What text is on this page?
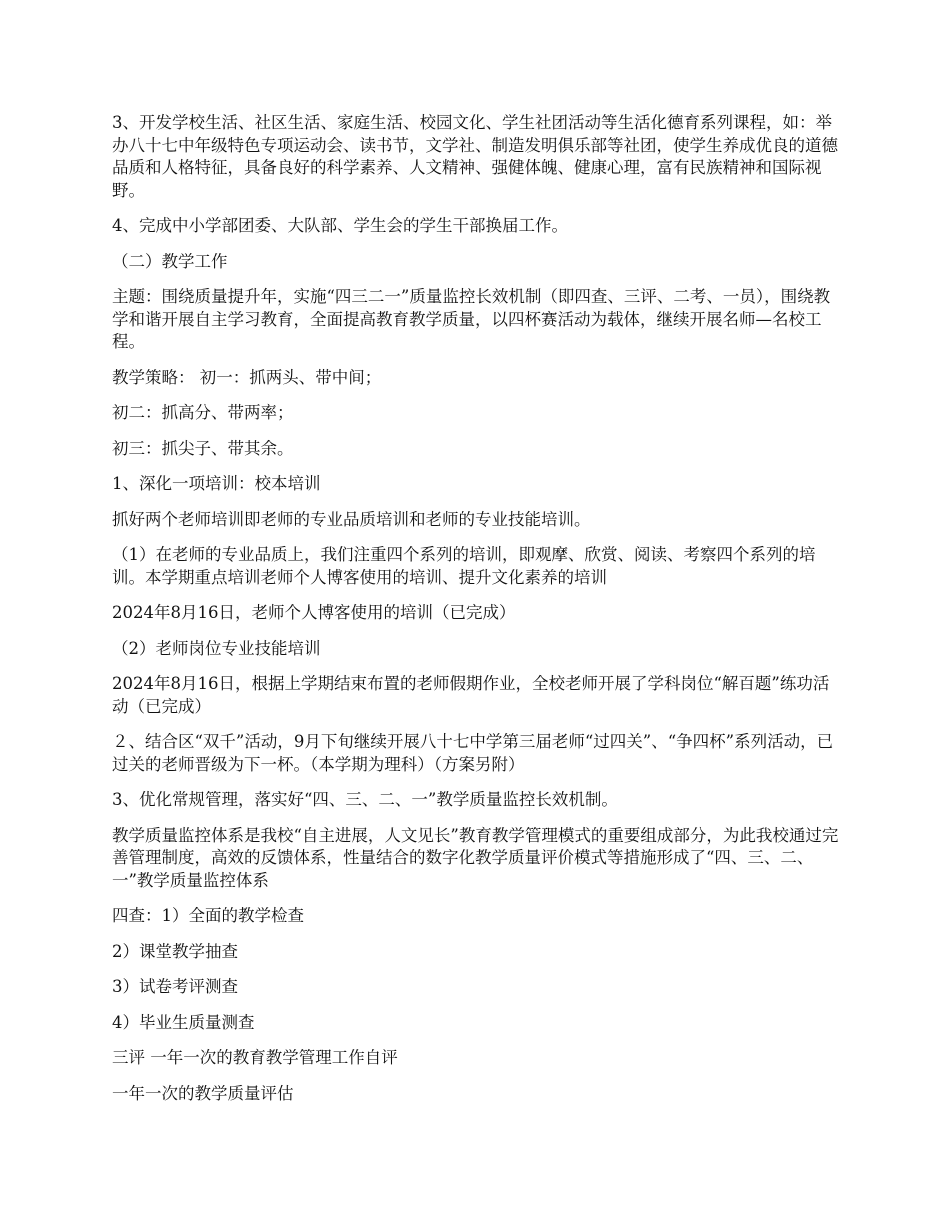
3、开发学校生活、社区生活、家庭生活、校园文化、学生社团活动等生活化德育系列课程，如：举办八十七中年级特色专项运动会、读书节，文学社、制造发明俱乐部等社团，使学生养成优良的道德品质和人格特征，具备良好的科学素养、人文精神、强健体魄、健康心理，富有民族精神和国际视野。

4、完成中小学部团委、大队部、学生会的学生干部换届工作。

（二）教学工作

主题：围绕质量提升年，实施“四三二一”质量监控长效机制（即四查、三评、二考、一员），围绕教学和谐开展自主学习教育，全面提高教育教学质量，以四杯赛活动为载体，继续开展名师—名校工程。

教学策略： 初一：抓两头、带中间；

初二：抓高分、带两率；

初三：抓尖子、带其余。

1、深化一项培训：校本培训

抓好两个老师培训即老师的专业品质培训和老师的专业技能培训。

（1）在老师的专业品质上，我们注重四个系列的培训，即观摩、欣赏、阅读、考察四个系列的培训。本学期重点培训老师个人博客使用的培训、提升文化素养的培训

2024年8月16日，老师个人博客使用的培训（已完成）

（2）老师岗位专业技能培训

2024年8月16日，根据上学期结束布置的老师假期作业，全校老师开展了学科岗位“解百题”练功活动（已完成）

２、结合区“双千”活动，9月下旬继续开展八十七中学第三届老师“过四关”、“争四杯”系列活动，已过关的老师晋级为下一杯。（本学期为理科）（方案另附）

3、优化常规管理，落实好“四、三、二、一”教学质量监控长效机制。

教学质量监控体系是我校“自主进展，人文见长”教育教学管理模式的重要组成部分，为此我校通过完善管理制度，高效的反馈体系，性量结合的数字化教学质量评价模式等措施形成了“四、三、二、一”教学质量监控体系

四查：1）全面的教学检查

2）课堂教学抽查

3）试卷考评测查

4）毕业生质量测查

三评 一年一次的教育教学管理工作自评

一年一次的教学质量评估
